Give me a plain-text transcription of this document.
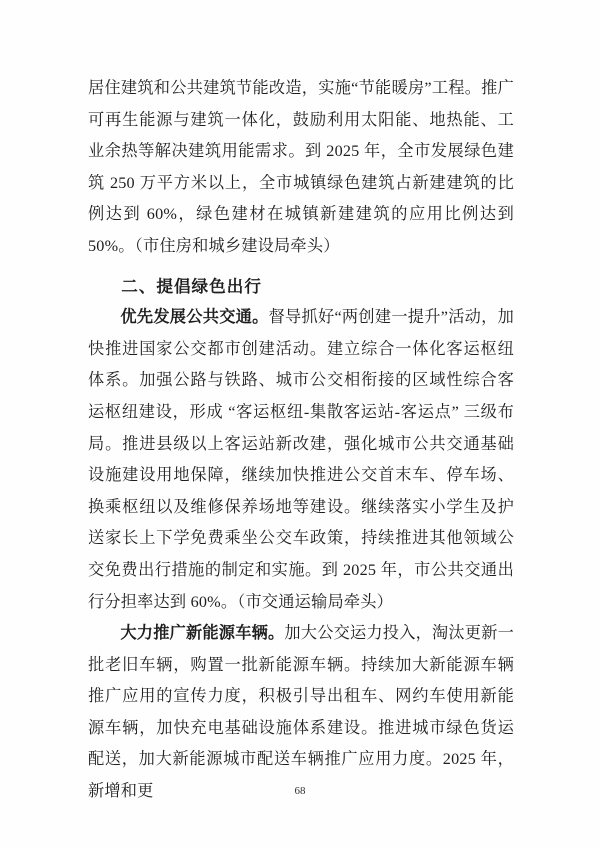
居住建筑和公共建筑节能改造，实施“节能暖房”工程。推广可再生能源与建筑一体化，鼓励利用太阳能、地热能、工业余热等解决建筑用能需求。到 2025 年，全市发展绿色建筑 250 万平方米以上，全市城镇绿色建筑占新建建筑的比例达到 60%，绿色建材在城镇新建建筑的应用比例达到 50%。（市住房和城乡建设局牵头）

二、提倡绿色出行

优先发展公共交通。督导抓好“两创建一提升”活动，加快推进国家公交都市创建活动。建立综合一体化客运枢纽体系。加强公路与铁路、城市公交相衔接的区域性综合客运枢纽建设，形成 “客运枢纽-集散客运站-客运点” 三级布局。推进县级以上客运站新改建，强化城市公共交通基础设施建设用地保障，继续加快推进公交首末车、停车场、换乘枢纽以及维修保养场地等建设。继续落实小学生及护送家长上下学免费乘坐公交车政策，持续推进其他领域公交免费出行措施的制定和实施。到 2025 年，市公共交通出行分担率达到 60%。（市交通运输局牵头）

大力推广新能源车辆。加大公交运力投入，淘汰更新一批老旧车辆，购置一批新能源车辆。持续加大新能源车辆推广应用的宣传力度，积极引导出租车、网约车使用新能源车辆，加快充电基础设施体系建设。推进城市绿色货运配送，加大新能源城市配送车辆推广应用力度。2025 年，新增和更	68
